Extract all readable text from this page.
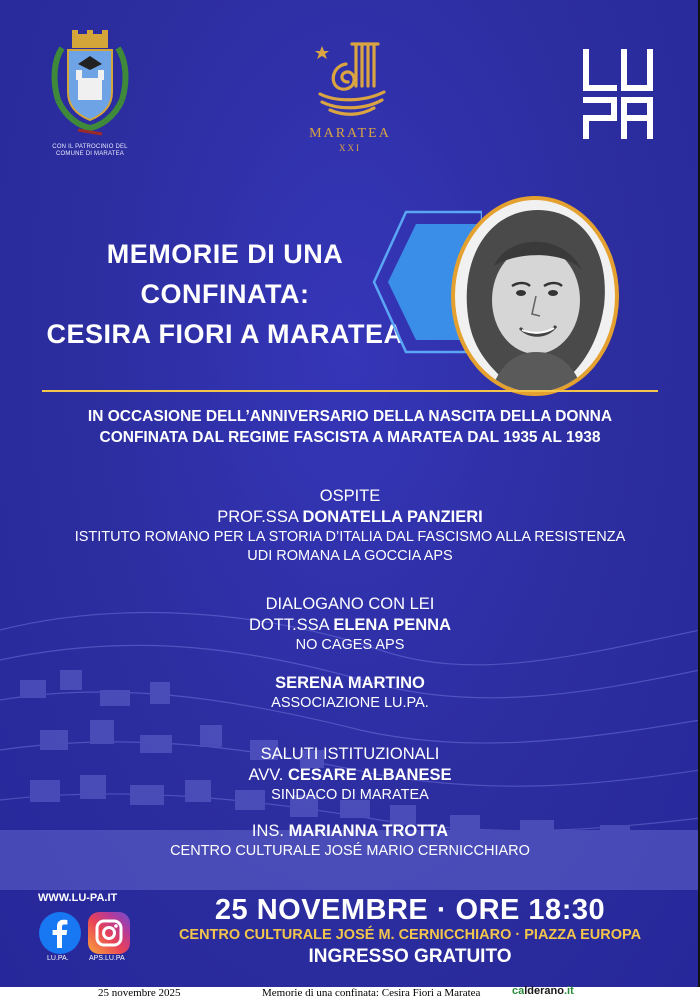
CON IL PATROCINIO DEL
COMUNE DI MARATEA
MARATEA
XXI
LUPA
MEMORIE DI UNA
CONFINATA:
CESIRA FIORI A MARATEA
IN OCCASIONE DELL’ANNIVERSARIO DELLA NASCITA DELLA DONNA
CONFINATA DAL REGIME FASCISTA A MARATEA DAL 1935 AL 1938
OSPITE
PROF.SSA DONATELLA PANZIERI
ISTITUTO ROMANO PER LA STORIA D’ITALIA DAL FASCISMO ALLA RESISTENZA
UDI ROMANA LA GOCCIA APS
DIALOGANO CON LEI
DOTT.SSA ELENA PENNA
NO CAGES APS
SERENA MARTINO
ASSOCIAZIONE LU.PA.
SALUTI ISTITUZIONALI
AVV. CESARE ALBANESE
SINDACO DI MARATEA
INS. MARIANNA TROTTA
CENTRO CULTURALE JOSÉ MARIO CERNICCHIARO
WWW.LU-PA.IT
LU.PA.	APS.LU.PA
25 NOVEMBRE · ORE 18:30
CENTRO CULTURALE JOSÉ M. CERNICCHIARO · PIAZZA EUROPA
INGRESSO GRATUITO
25 novembre 2025	Memorie di una confinata: Cesira Fiori a Maratea	calderano.it
